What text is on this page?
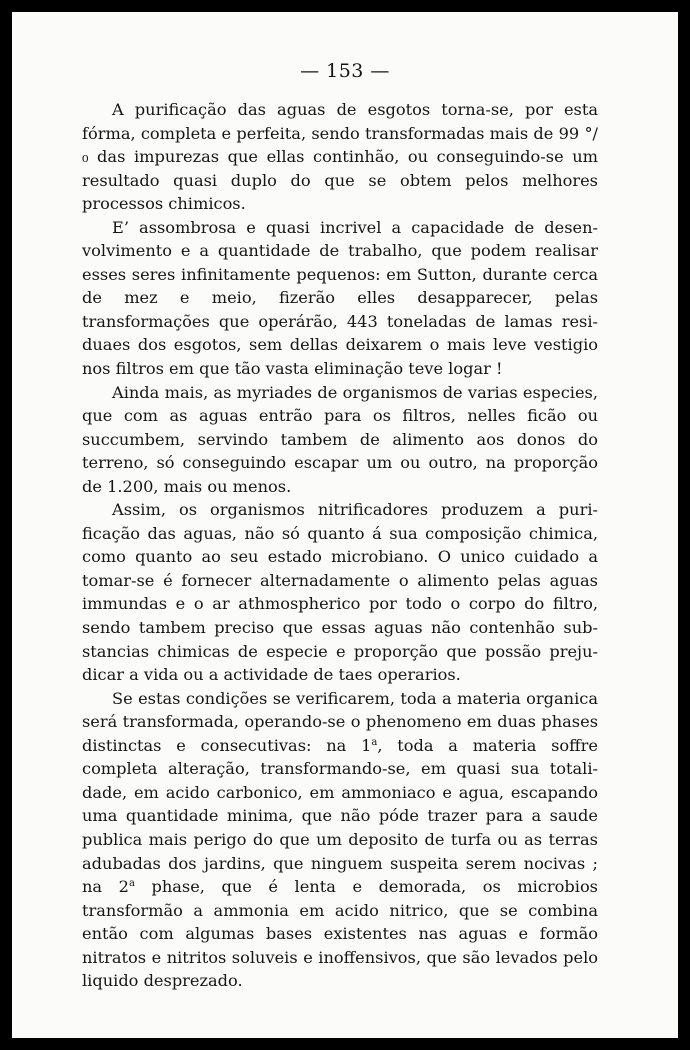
— 153 —

A purificação das aguas de esgotos torna-se, por esta fórma, completa e perfeita, sendo transformadas mais de 99 °/₀ das impurezas que ellas continhão, ou conseguindo-se um resultado quasi duplo do que se obtem pelos melhores processos chimicos.

E’ assombrosa e quasi incrivel a capacidade de desenvolvimento e a quantidade de trabalho, que podem realisar esses seres infinitamente pequenos: em Sutton, durante cerca de mez e meio, fizerão elles desapparecer, pelas transformações que operárão, 443 toneladas de lamas residuaes dos esgotos, sem dellas deixarem o mais leve vestigio nos filtros em que tão vasta eliminação teve logar !

Ainda mais, as myriades de organismos de varias especies, que com as aguas entrão para os filtros, nelles ficão ou succumbem, servindo tambem de alimento aos donos do terreno, só conseguindo escapar um ou outro, na proporção de 1.200, mais ou menos.

Assim, os organismos nitrificadores produzem a purificação das aguas, não só quanto á sua composição chimica, como quanto ao seu estado microbiano. O unico cuidado a tomar-se é fornecer alternadamente o alimento pelas aguas immundas e o ar athmospherico por todo o corpo do filtro, sendo tambem preciso que essas aguas não contenhão substancias chimicas de especie e proporção que possão prejudicar a vida ou a actividade de taes operarios.

Se estas condições se verificarem, toda a materia organica será transformada, operando-se o phenomeno em duas phases distinctas e consecutivas: na 1$^a$, toda a materia soffre completa alteração, transformando-se, em quasi sua totalidade, em acido carbonico, em ammoniaco e agua, escapando uma quantidade minima, que não póde trazer para a saude publica mais perigo do que um deposito de turfa ou as terras adubadas dos jardins, que ninguem suspeita serem nocivas ; na 2$^a$ phase, que é lenta e demorada, os microbios transformão a ammonia em acido nitrico, que se combina então com algumas bases existentes nas aguas e formão nitratos e nitritos soluveis e inoffensivos, que são levados pelo liquido desprezado.
